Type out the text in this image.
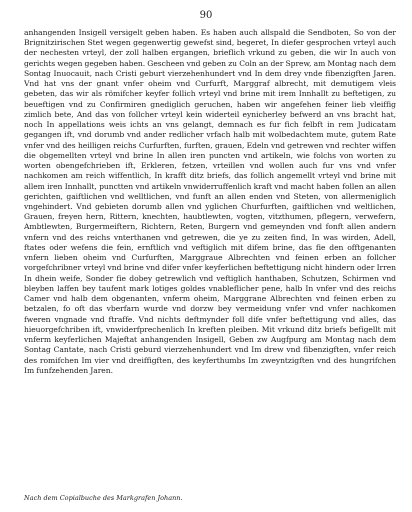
90

anhangenden Insigell versigelt geben haben. Es haben auch allspald die Sendboten, So von der Brignitzirischen Stet wegen gegenwertig gewefst sind, begeret, In diefer gesprochen vrteyl auch der nechesten vrteyl, der zoll halben ergangen, brieflich vrkund zu geben, die wir In auch von gerichts wegen gegeben haben. Gescheen vnd geben zu Coln an der Sprew, am Montag nach dem Sontag Inuocauit, nach Cristi geburt vierzehenhundert vnd In dem drey vnde fibenzigften Jaren. Vnd hat vns der gnant vnfer oheim vnd Curfurft, Marggraf albrecht, mit demutigem vleis gebeten, das wir als römifcher keyfer follich vrteyl vnd brine mit irem Innhallt zu beftetigen, zu beueftigen vnd zu Confirmiren gnediglich geruchen, haben wir angefehen feiner lieb vleiffig zimlich bete, And das von follcher vrteyl kein widerteil eynicherley befwerd an vns bracht hat, noch In appellations weis ichts an vns gelangt, demnach es fur fich felbft in rem Judicatam gegangen ift, vnd dorumb vnd ander redlicher vrfach halb mit wolbedachtem mute, gutem Rate vnfer vnd des heilligen reichs Curfurften, furften, grauen, Edeln vnd getrewen vnd rechter wiffen die obgemellten vrteyl vnd brine In allen iren puncten vnd artikeln, wie folchs von worten zu worten obengefchrieben ift, Erkleren, fetzen, vrteillen vnd wollen auch fur vns vnd vnfer nachkomen am reich wiffentlich, In krafft ditz briefs, das follich angemellt vrteyl vnd brine mit allem iren Innhallt, punctten vnd artikeln vnwiderruffenlich kraft vnd macht haben follen an allen gerichten, gaiftlichen vnd welltlichen, vnd funft an allen enden vnd Steten, von allermeniglich vngehindert. Vnd gebieten dorumb allen vnd yglichen Churfurften, gaiftlichen vnd weltlichen, Grauen, freyen hern, Rittern, knechten, haubtlewten, vogten, vitzthumen, pflegern, verwefern, Ambtlewten, Burgermeiftern, Richtern, Reten, Burgern vnd gemeynden vnd fonft allen andern vnfern vnd des reichs vnterthanen vnd getrewen, die ye zu zeiten find, In was wirden, Adell, ftates oder wefens die fein, ernftlich vnd veftiglich mit difem brine, das fie den offtgenanten vnfern lieben oheim vnd Curfurften, Marggraue Albrechten vnd feinen erben an follcher vorgefchribner vrteyl vnd brine vnd difer vnfer keyferlichen beftettigung nicht hindern oder Irren In dhein weife, Sonder fie dobey getrewlich vnd veftiglich hanthaben, Schutzen, Schirmen vnd bleyben laffen bey taufent mark lotiges goldes vnableflicher pene, halb In vnfer vnd des reichs Camer vnd halb dem obgenanten, vnferm oheim, Marggrane Albrechten vnd feinen erben zu betzalen, fo oft das vberfarn wurde vnd dorzw bey vermeidung vnfer vnd vnfer nachkomen fweren vngnade vnd ftraffe. Vnd nichts deftmynder foll dife vnfer beftettigung vnd alles, das hieuorgefchriben ift, vnwiderfprechenlich In kreften pleiben. Mit vrkund ditz briefs befigellt mit vnferm keyferlichen Majeftat anhangenden Insigell, Geben zw Augfpurg am Montag nach dem Sontag Cantate, nach Cristi geburd vierzehenhundert vnd Im drew vnd fibenzigften, vnfer reich des romifchen Im vier vnd dreiffigften, des keyferthumbs Im zweyntzigften vnd des hungrifchen Im funfzehenden Jaren.

Nach dem Copialbuche des Markgrafen Johann.
